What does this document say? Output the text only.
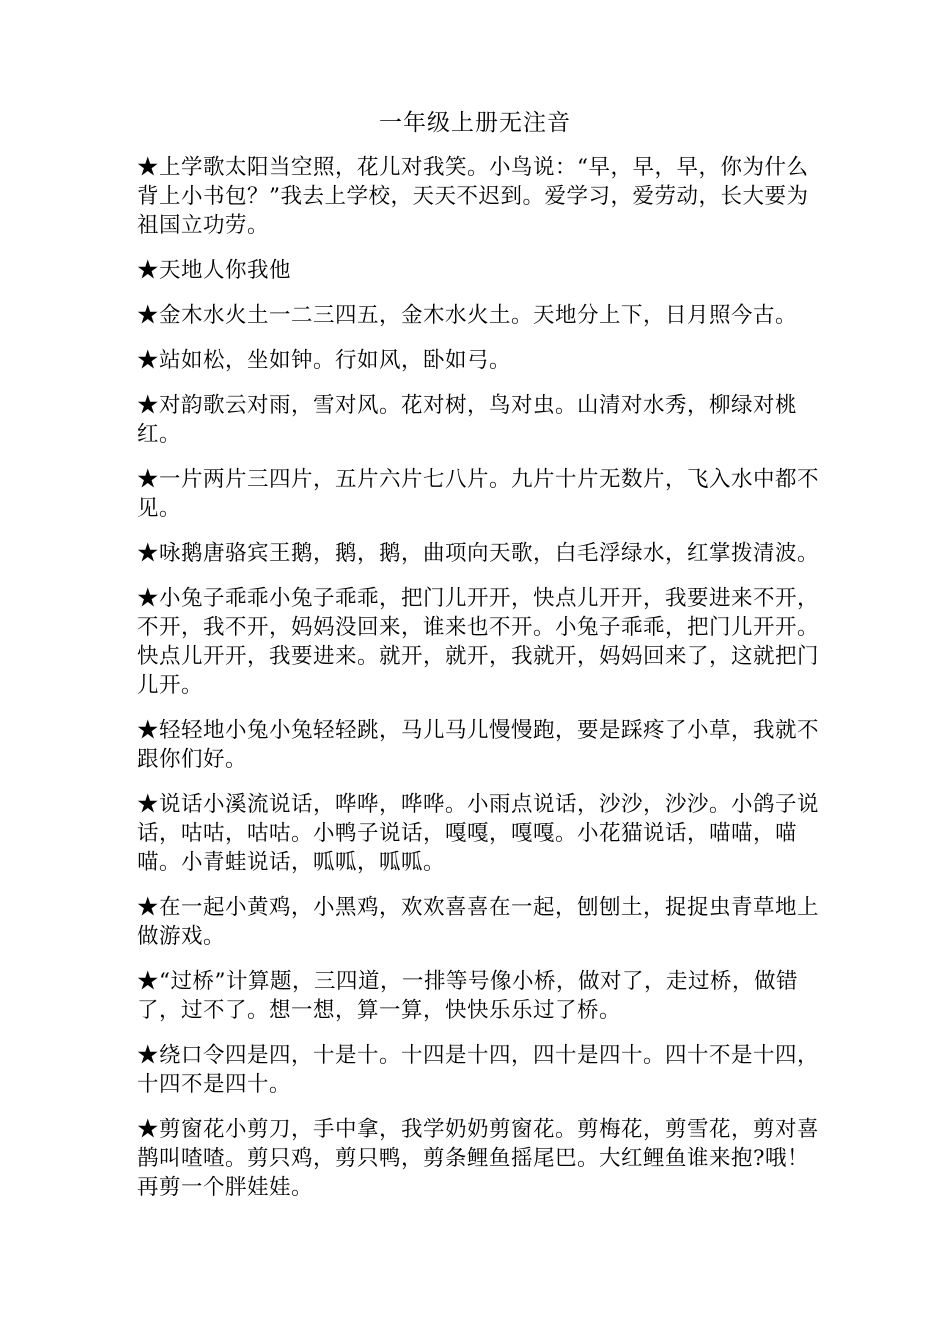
一年级上册无注音

★上学歌太阳当空照，花儿对我笑。小鸟说：“早，早，早，你为什么背上小书包？”我去上学校，天天不迟到。爱学习，爱劳动，长大要为祖国立功劳。

★天地人你我他

★金木水火土一二三四五，金木水火土。天地分上下，日月照今古。

★站如松，坐如钟。行如风，卧如弓。

★对韵歌云对雨，雪对风。花对树，鸟对虫。山清对水秀，柳绿对桃红。

★一片两片三四片，五片六片七八片。九片十片无数片，飞入水中都不见。

★咏鹅唐骆宾王鹅，鹅，鹅，曲项向天歌，白毛浮绿水，红掌拨清波。

★小兔子乖乖小兔子乖乖，把门儿开开，快点儿开开，我要进来不开，不开，我不开，妈妈没回来，谁来也不开。小兔子乖乖，把门儿开开。快点儿开开，我要进来。就开，就开，我就开，妈妈回来了，这就把门儿开。

★轻轻地小兔小兔轻轻跳，马儿马儿慢慢跑，要是踩疼了小草，我就不跟你们好。

★说话小溪流说话，哗哗，哗哗。小雨点说话，沙沙，沙沙。小鸽子说话，咕咕，咕咕。小鸭子说话，嘎嘎，嘎嘎。小花猫说话，喵喵，喵喵。小青蛙说话，呱呱，呱呱。

★在一起小黄鸡，小黑鸡，欢欢喜喜在一起，刨刨土，捉捉虫青草地上做游戏。

★“过桥”计算题，三四道，一排等号像小桥，做对了，走过桥，做错了，过不了。想一想，算一算，快快乐乐过了桥。

★绕口令四是四，十是十。十四是十四，四十是四十。四十不是十四，十四不是四十。

★剪窗花小剪刀，手中拿，我学奶奶剪窗花。剪梅花，剪雪花，剪对喜鹊叫喳喳。剪只鸡，剪只鸭，剪条鲤鱼摇尾巴。大红鲤鱼谁来抱?哦！再剪一个胖娃娃。
